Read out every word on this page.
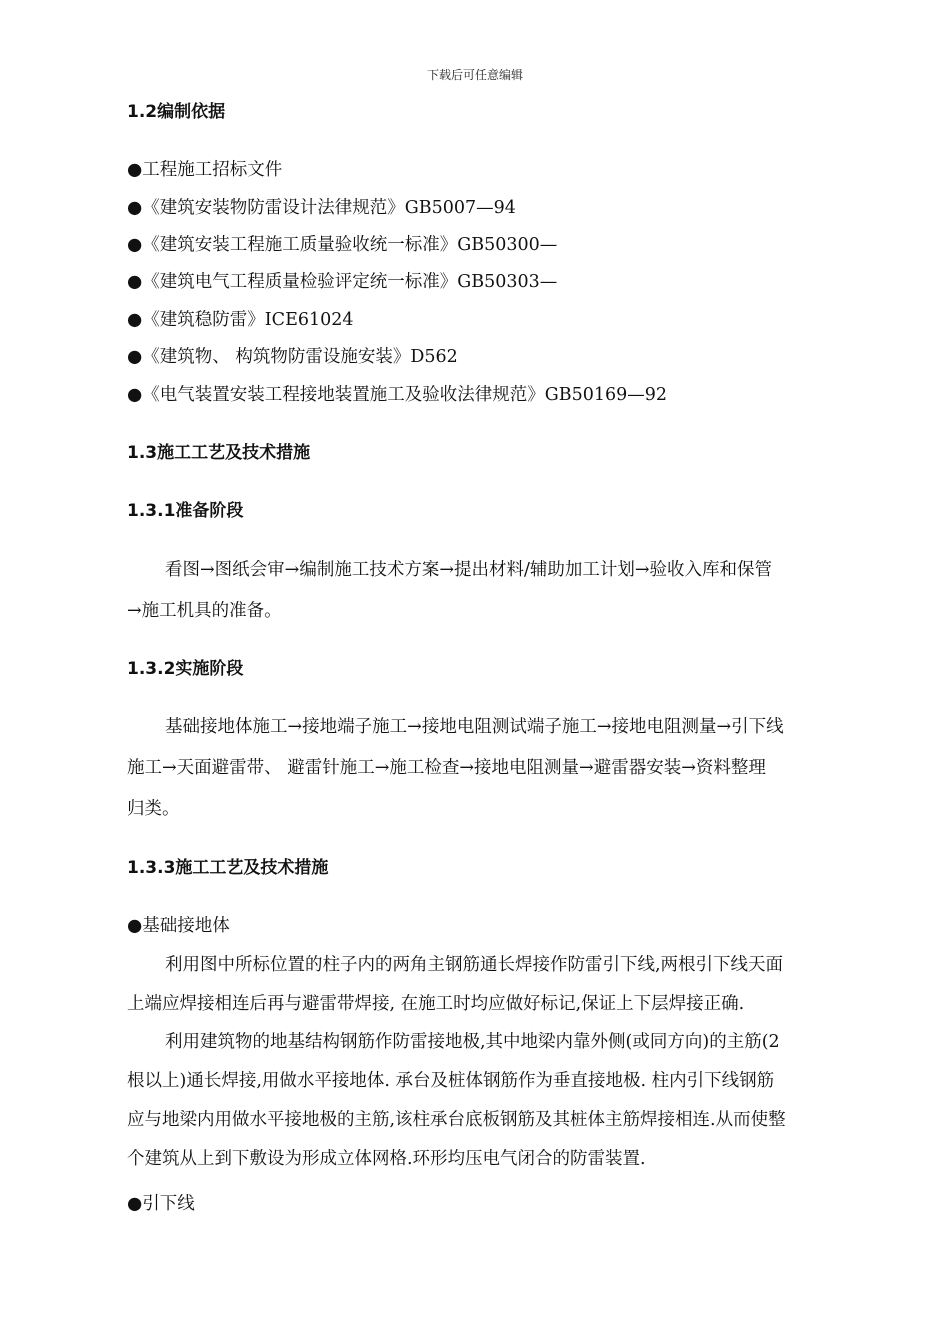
下载后可任意编辑
1.2编制依据
●工程施工招标文件
●《建筑安装物防雷设计法律规范》GB5007—94
●《建筑安装工程施工质量验收统一标准》GB50300—
●《建筑电气工程质量检验评定统一标准》GB50303—
●《建筑稳防雷》ICE61024
●《建筑物、 构筑物防雷设施安装》D562
●《电气装置安装工程接地装置施工及验收法律规范》GB50169—92
1.3施工工艺及技术措施
1.3.1准备阶段
看图→图纸会审→编制施工技术方案→提出材料/辅助加工计划→验收入库和保管
→施工机具的准备。
1.3.2实施阶段
基础接地体施工→接地端子施工→接地电阻测试端子施工→接地电阻测量→引下线
施工→天面避雷带、 避雷针施工→施工检查→接地电阻测量→避雷器安装→资料整理
归类。
1.3.3施工工艺及技术措施
●基础接地体
利用图中所标位置的柱子内的两角主钢筋通长焊接作防雷引下线,两根引下线天面
上端应焊接相连后再与避雷带焊接, 在施工时均应做好标记,保证上下层焊接正确.
利用建筑物的地基结构钢筋作防雷接地极,其中地梁内靠外侧(或同方向)的主筋(2
根以上)通长焊接,用做水平接地体. 承台及桩体钢筋作为垂直接地极. 柱内引下线钢筋
应与地梁内用做水平接地极的主筋,该柱承台底板钢筋及其桩体主筋焊接相连.从而使整
个建筑从上到下敷设为形成立体网格.环形均压电气闭合的防雷装置.
●引下线
